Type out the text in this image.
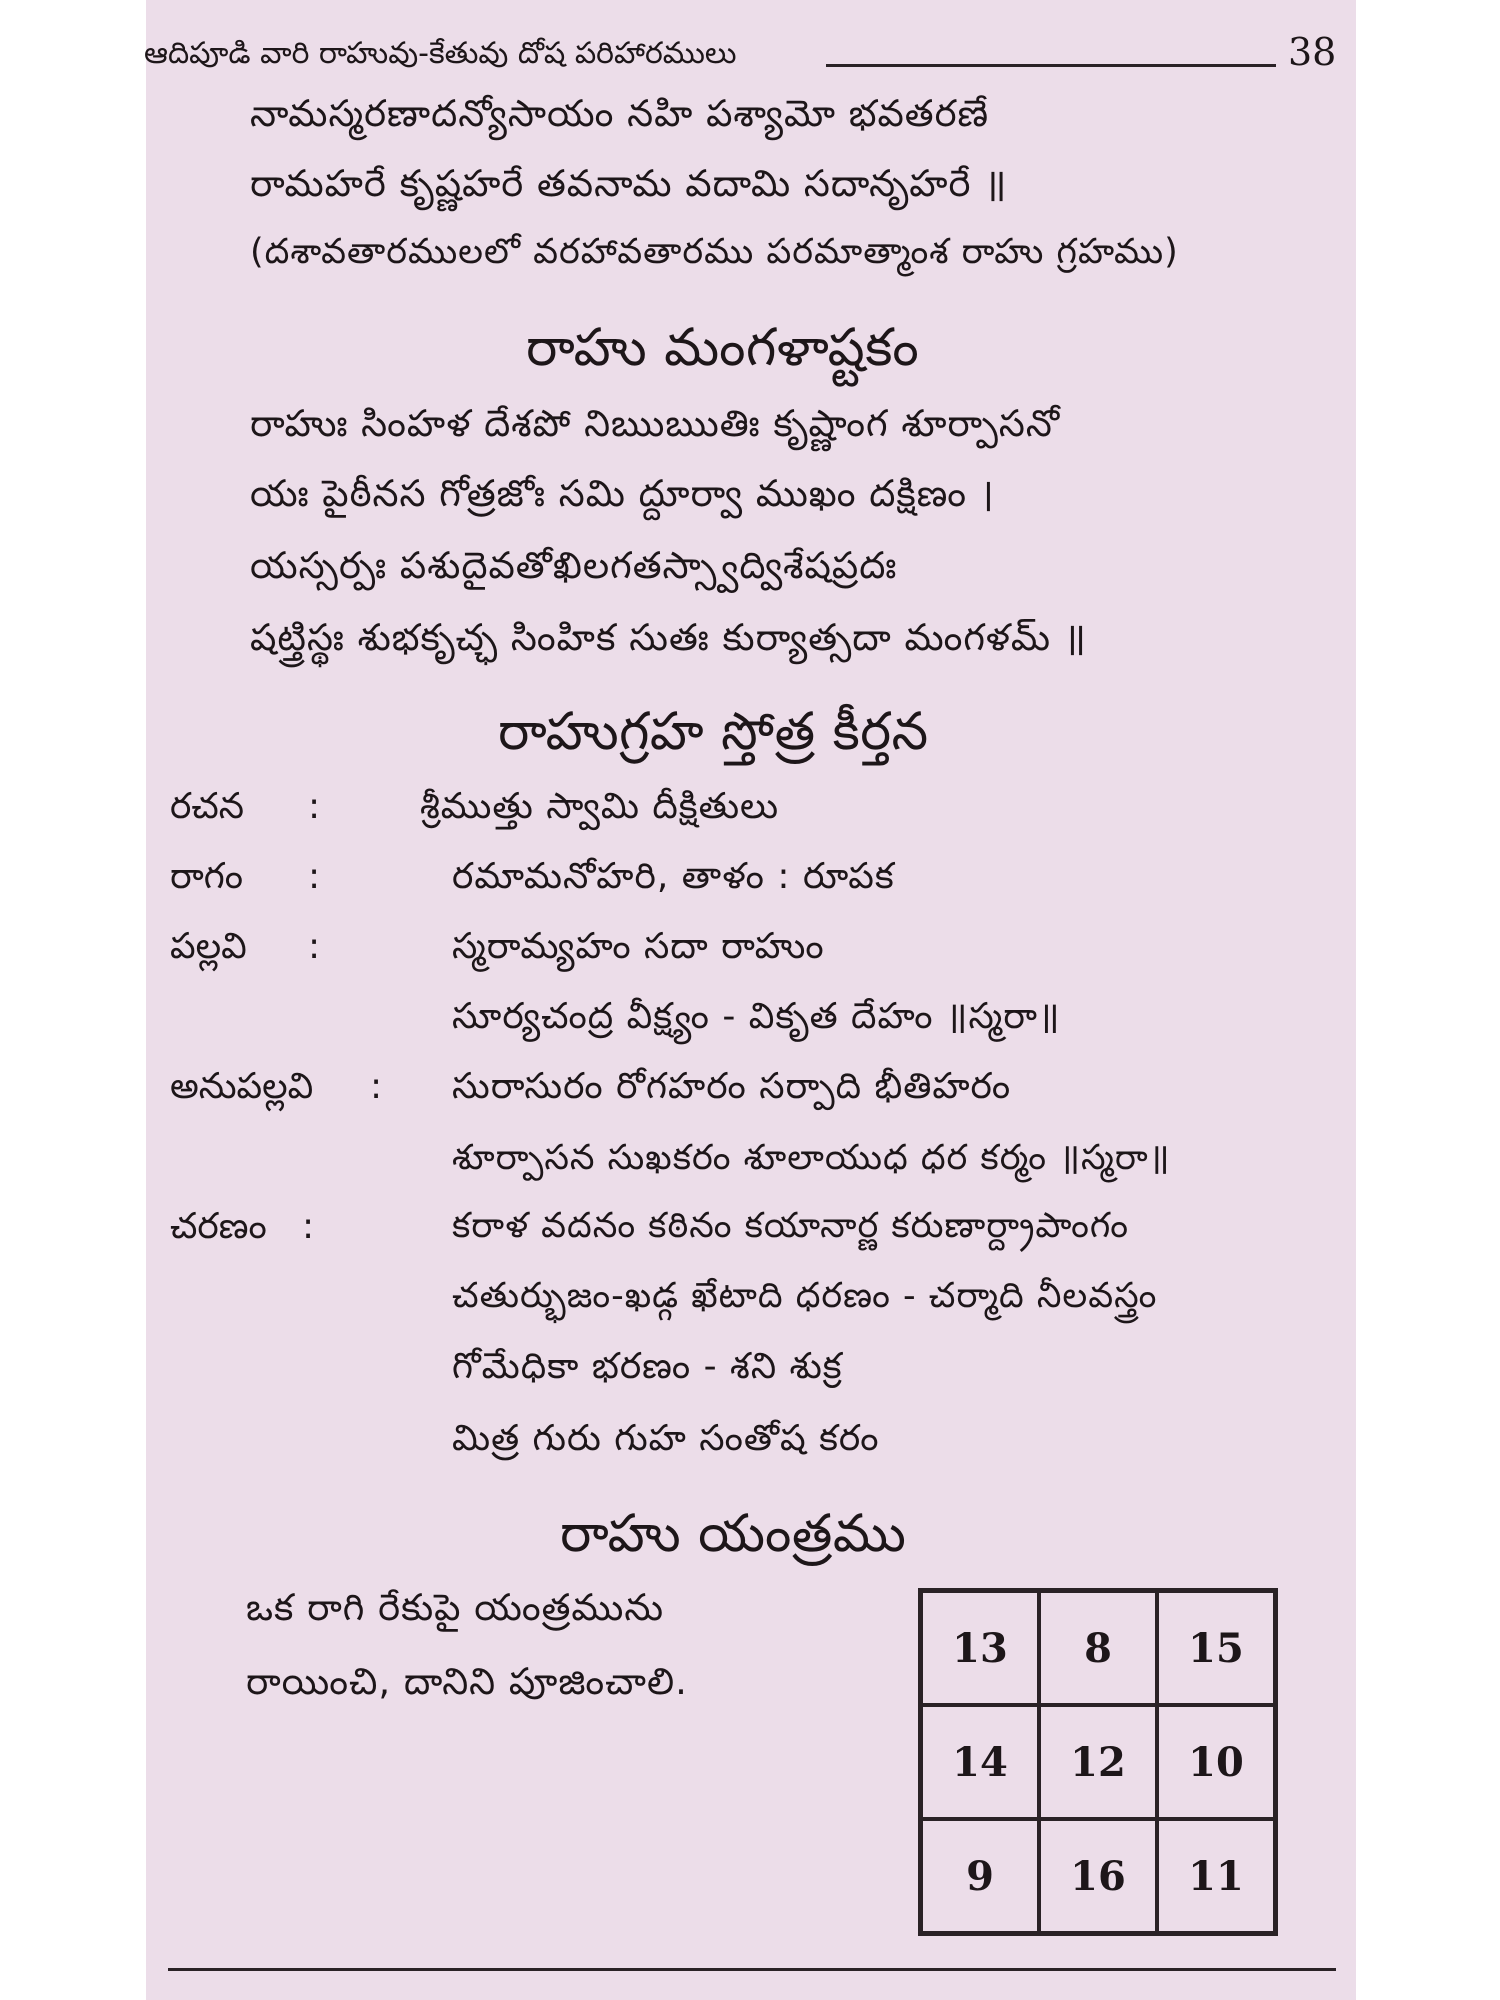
ఆదిపూడి వారి రాహువు-కేతువు దోష పరిహారములు	38
నామస్మరణాదన్యోసాయం నహి పశ్యామో భవతరణే
రామహరే కృష్ణహరే తవనామ వదామి సదానృహరే ॥
(దశావతారములలో వరహావతారము పరమాత్మాంశ రాహు గ్రహము)
రాహు మంగళాష్టకం
రాహుః సింహళ దేశపో నిఋఋతిః కృష్ణాంగ శూర్పాసనో
యః పైఠీనస గోత్రజోః సమి ద్దూర్వా ముఖం దక్షిణం ।
యస్సర్పః పశుదైవతోఖిలగతస్స్వాద్విశేషప్రదః
షట్త్రిస్థః శుభకృచ్ఛ సింహిక సుతః కుర్యాత్సదా మంగళమ్ ॥
రాహుగ్రహ స్తోత్ర కీర్తన
రచన :	శ్రీముత్తు స్వామి దీక్షితులు
రాగం :	రమామనోహరి, తాళం : రూపక
పల్లవి :	స్మరామ్యహం సదా రాహుం
సూర్యచంద్ర వీక్ష్యం - వికృత దేహం ॥స్మరా॥
అనుపల్లవి : సురాసురం రోగహరం సర్పాది భీతిహరం
శూర్పాసన సుఖకరం శూలాయుధ ధర కర్మం ॥స్మరా॥
చరణం :	కరాళ వదనం కఠినం కయానార్ణ కరుణార్ద్రాపాంగం
చతుర్భుజం-ఖడ్గ ఖేటాది ధరణం - చర్మాది నీలవస్త్రం
గోమేధికా భరణం - శని శుక్ర
మిత్ర గురు గుహ సంతోష కరం
రాహు యంత్రము
ఒక రాగి రేకుపై యంత్రమును
రాయించి, దానిని పూజించాలి.
13	8	15
14	12	10
9	16	11
